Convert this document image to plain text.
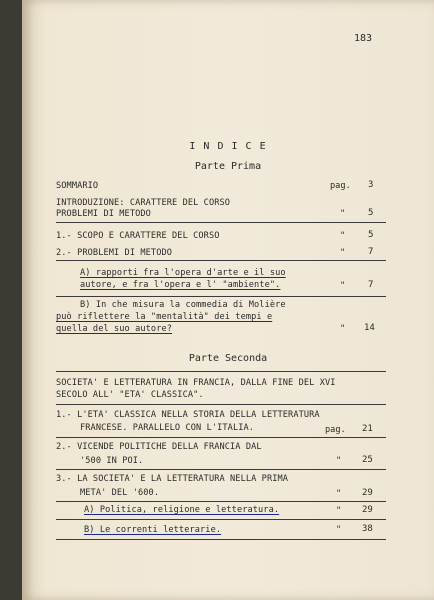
183
I N D I C E
Parte Prima
SOMMARIO	pag. 3
INTRODUZIONE: CARATTERE DEL CORSO
PROBLEMI DI METODO	"	5
1.- SCOPO E CARATTERE DEL CORSO	"	5
2.- PROBLEMI DI METODO	"	7
A) rapporti fra l'opera d'arte e il suo
autore, e fra l'opera e l' "ambiente".	"	7
B) In che misura la commedia di Molière
può riflettere la "mentalità" dei tempi e
quella del suo autore?	" 14
Parte Seconda
SOCIETA' E LETTERATURA IN FRANCIA, DALLA FINE DEL XVI
SECOLO ALL' "ETA' CLASSICA".
1.- L'ETA' CLASSICA NELLA STORIA DELLA LETTERATURA
FRANCESE. PARALLELO CON L'ITALIA.	pag. 21
2.- VICENDE POLITICHE DELLA FRANCIA DAL
'500 IN POI.	" 25
3.- LA SOCIETA' E LA LETTERATURA NELLA PRIMA
META' DEL '600.	" 29
A) Politica, religione e letteratura.	" 29
B) Le correnti letterarie.	" 38
